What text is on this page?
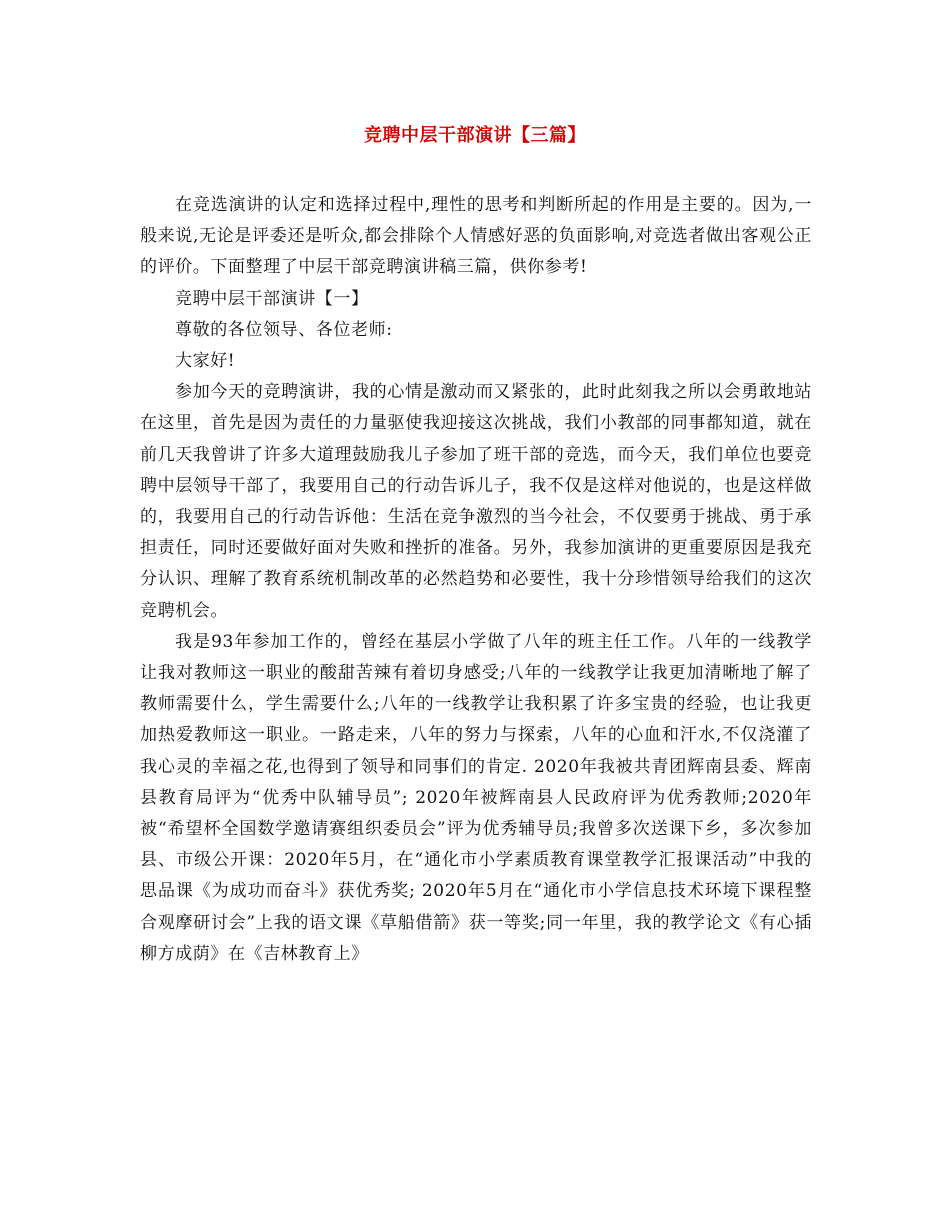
竞聘中层干部演讲【三篇】

在竞选演讲的认定和选择过程中,理性的思考和判断所起的作用是主要的。因为,一般来说,无论是评委还是听众,都会排除个人情感好恶的负面影响,对竞选者做出客观公正的评价。下面整理了中层干部竞聘演讲稿三篇，供你参考!

竞聘中层干部演讲【一】

尊敬的各位领导、各位老师:

大家好!

参加今天的竞聘演讲，我的心情是激动而又紧张的，此时此刻我之所以会勇敢地站在这里，首先是因为责任的力量驱使我迎接这次挑战，我们小教部的同事都知道，就在前几天我曾讲了许多大道理鼓励我儿子参加了班干部的竞选，而今天，我们单位也要竞聘中层领导干部了，我要用自己的行动告诉儿子，我不仅是这样对他说的，也是这样做的，我要用自己的行动告诉他：生活在竞争激烈的当今社会，不仅要勇于挑战、勇于承担责任，同时还要做好面对失败和挫折的准备。另外，我参加演讲的更重要原因是我充分认识、理解了教育系统机制改革的必然趋势和必要性，我十分珍惜领导给我们的这次竞聘机会。

我是93年参加工作的，曾经在基层小学做了八年的班主任工作。八年的一线教学让我对教师这一职业的酸甜苦辣有着切身感受;八年的一线教学让我更加清晰地了解了教师需要什么，学生需要什么;八年的一线教学让我积累了许多宝贵的经验，也让我更加热爱教师这一职业。一路走来，八年的努力与探索，八年的心血和汗水,不仅浇灌了我心灵的幸福之花,也得到了领导和同事们的肯定. 2020年我被共青团辉南县委、辉南县教育局评为“优秀中队辅导员”; 2020年被辉南县人民政府评为优秀教师;2020年被“希望杯全国数学邀请赛组织委员会”评为优秀辅导员;我曾多次送课下乡，多次参加县、市级公开课：2020年5月，在“通化市小学素质教育课堂教学汇报课活动”中我的思品课《为成功而奋斗》获优秀奖; 2020年5月在“通化市小学信息技术环境下课程整合观摩研讨会”上我的语文课《草船借箭》获一等奖;同一年里，我的教学论文《有心插柳方成荫》在《吉林教育上》
